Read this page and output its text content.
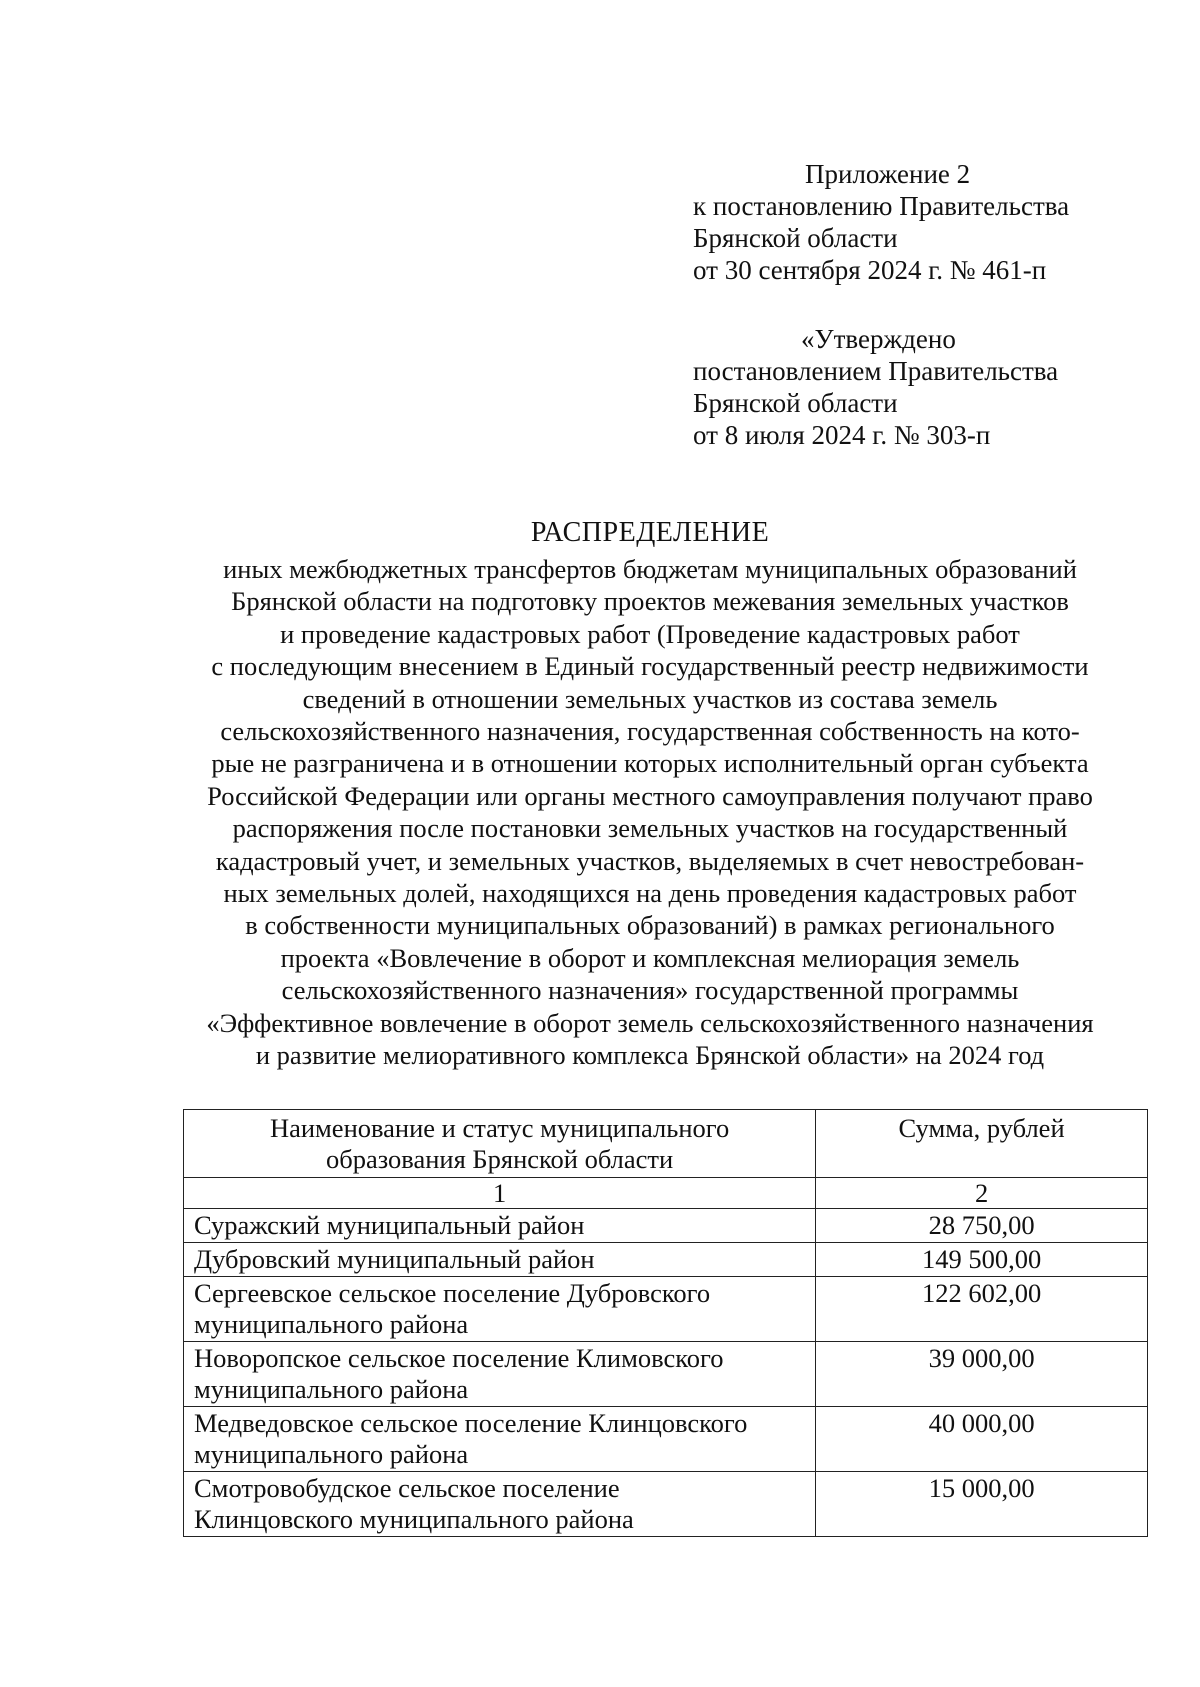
Приложение 2
к постановлению Правительства
Брянской области
от 30 сентября 2024 г. № 461-п
«Утверждено
постановлением Правительства
Брянской области
от 8 июля 2024 г. № 303-п
РАСПРЕДЕЛЕНИЕ
иных межбюджетных трансфертов бюджетам муниципальных образований
Брянской области на подготовку проектов межевания земельных участков
и проведение кадастровых работ (Проведение кадастровых работ
с последующим внесением в Единый государственный реестр недвижимости
сведений в отношении земельных участков из состава земель
сельскохозяйственного назначения, государственная собственность на кото-
рые не разграничена и в отношении которых исполнительный орган субъекта
Российской Федерации или органы местного самоуправления получают право
распоряжения после постановки земельных участков на государственный
кадастровый учет, и земельных участков, выделяемых в счет невостребован-
ных земельных долей, находящихся на день проведения кадастровых работ
в собственности муниципальных образований) в рамках регионального
проекта «Вовлечение в оборот и комплексная мелиорация земель
сельскохозяйственного назначения» государственной программы
«Эффективное вовлечение в оборот земель сельскохозяйственного назначения
и развитие мелиоративного комплекса Брянской области» на 2024 год
Наименование и статус муниципального
образования Брянской области	Сумма, рублей
1	2

Суражский муниципальный район	28 750,00

Дубровский муниципальный район	149 500,00

Сергеевское сельское поселение Дубровского
муниципального района	122 602,00

Новоропское сельское поселение Климовского
муниципального района	39 000,00

Медведовское сельское поселение Клинцовского
муниципального района	40 000,00

Смотровобудское сельское поселение
Клинцовского муниципального района	15 000,00
